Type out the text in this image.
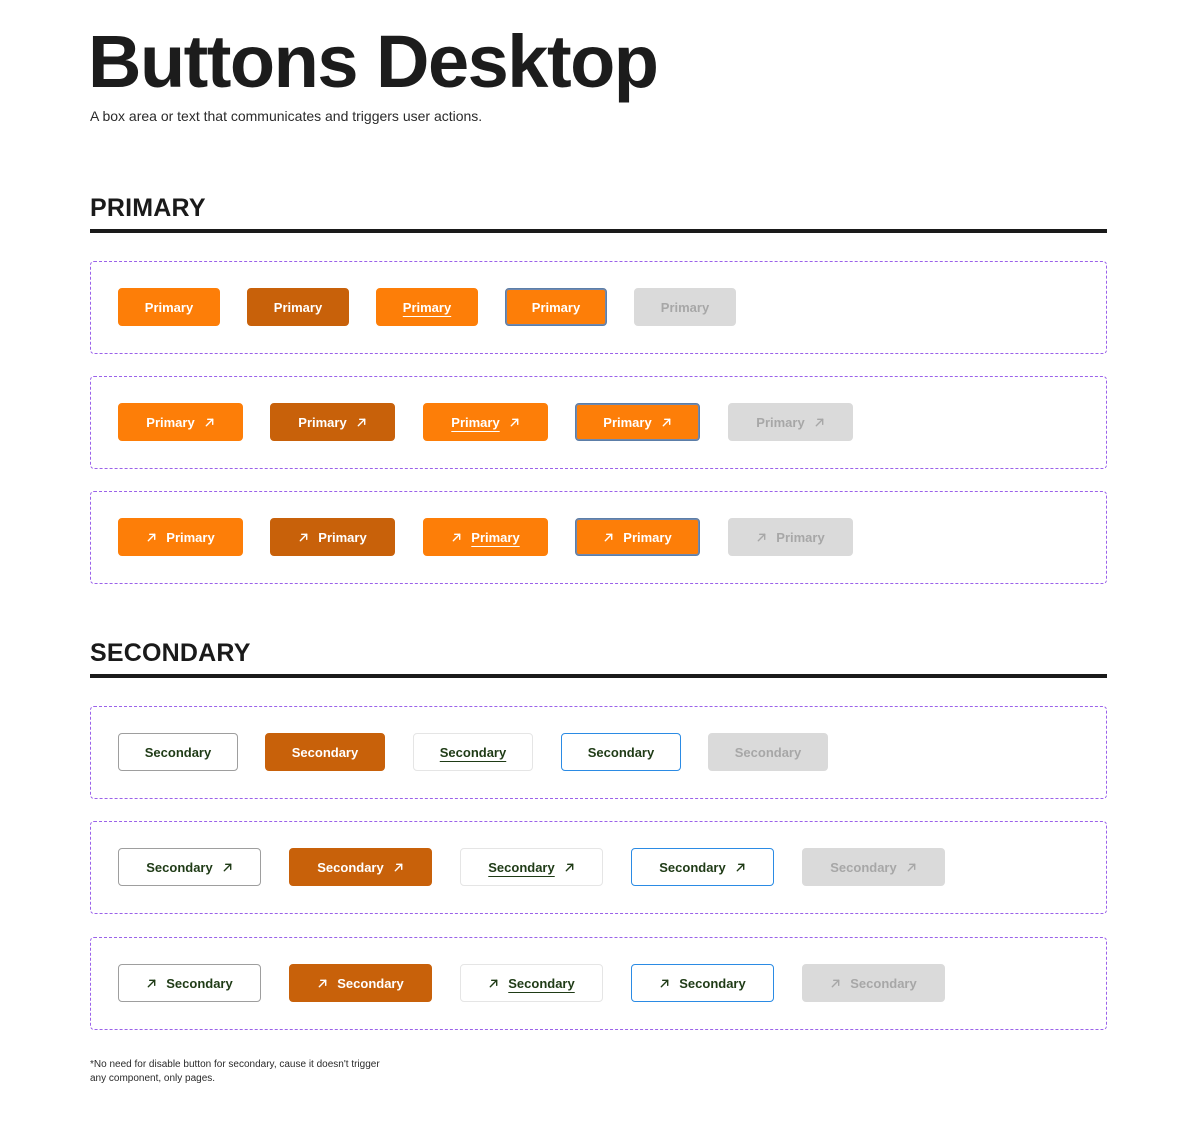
Buttons Desktop

A box area or text that communicates and triggers user actions.

PRIMARY
Primary	Primary	Primary	Primary	Primary
Primary	Primary	Primary	Primary	Primary
Primary	Primary	Primary	Primary	Primary
SECONDARY
Secondary	Secondary	Secondary	Secondary	Secondary
Secondary	Secondary	Secondary	Secondary	Secondary
Secondary	Secondary	Secondary	Secondary	Secondary

*No need for disable button for secondary, cause it doesn't trigger any component, only pages.
